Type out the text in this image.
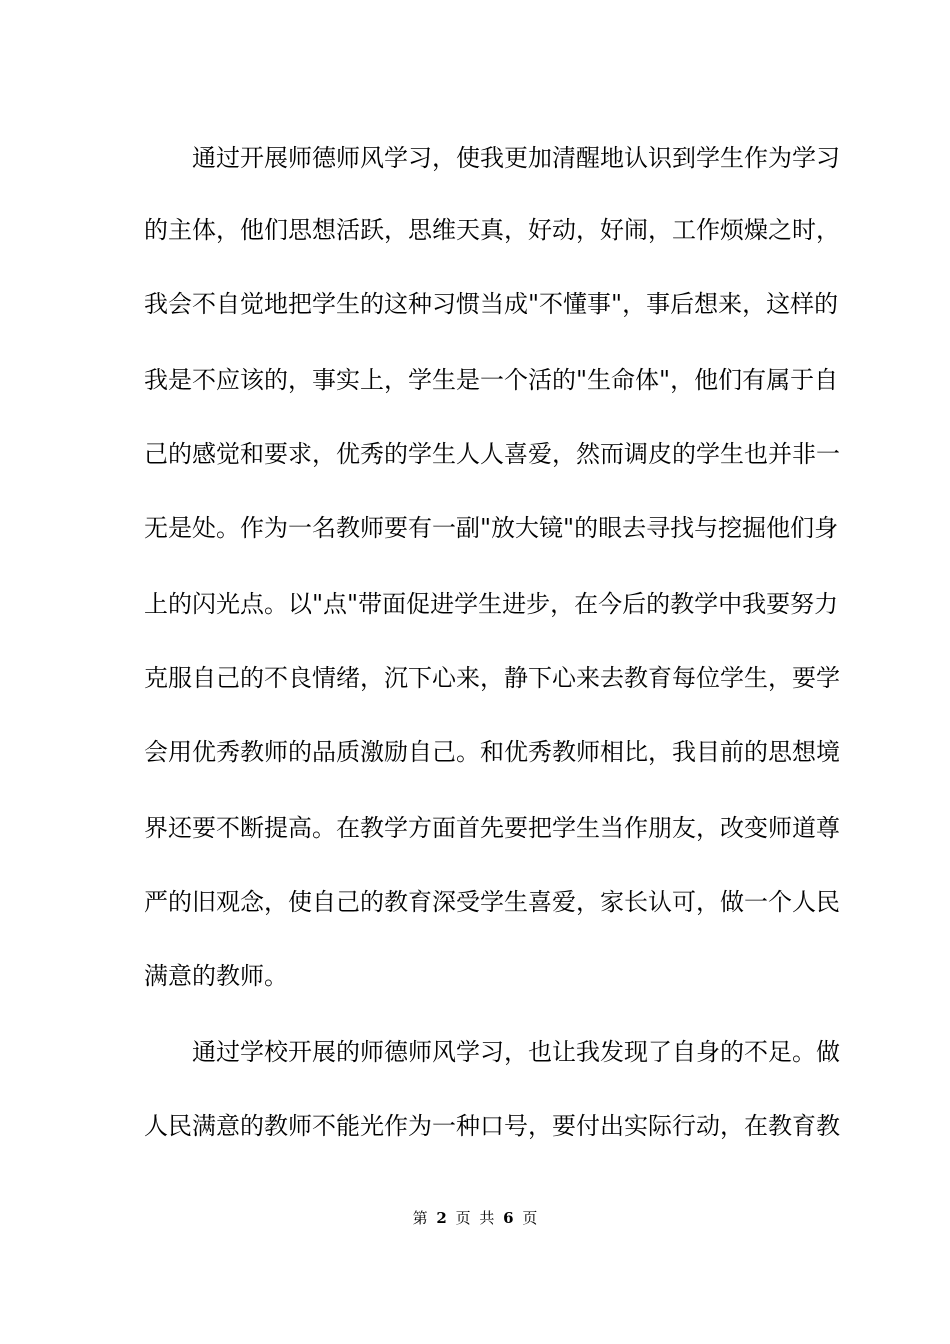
通过开展师德师风学习，使我更加清醒地认识到学生作为学习
的主体，他们思想活跃，思维天真，好动，好闹，工作烦燥之时，
我会不自觉地把学生的这种习惯当成"不懂事"，事后想来，这样的
我是不应该的，事实上，学生是一个活的"生命体"，他们有属于自
己的感觉和要求，优秀的学生人人喜爱，然而调皮的学生也并非一
无是处。作为一名教师要有一副"放大镜"的眼去寻找与挖掘他们身
上的闪光点。以"点"带面促进学生进步，在今后的教学中我要努力
克服自己的不良情绪，沉下心来，静下心来去教育每位学生，要学
会用优秀教师的品质激励自己。和优秀教师相比，我目前的思想境
界还要不断提高。在教学方面首先要把学生当作朋友，改变师道尊
严的旧观念，使自己的教育深受学生喜爱，家长认可，做一个人民
满意的教师。
通过学校开展的师德师风学习，也让我发现了自身的不足。做
人民满意的教师不能光作为一种口号，要付出实际行动，在教育教
第 2 页 共 6 页
